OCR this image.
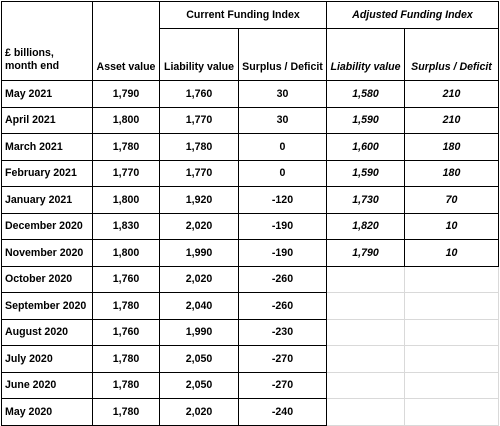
£ billions,
month end	Asset value	Current Funding Index		Adjusted Funding Index	
		Liability value	Surplus / Deficit	Liability value	Surplus / Deficit
May 2021	1,790	1,760	30	1,580	210
April 2021	1,800	1,770	30	1,590	210
March 2021	1,780	1,780	0	1,600	180
February 2021	1,770	1,770	0	1,590	180
January 2021	1,800	1,920	-120	1,730	70
December 2020	1,830	2,020	-190	1,820	10
November 2020	1,800	1,990	-190	1,790	10
October 2020	1,760	2,020	-260		
September 2020	1,780	2,040	-260		
August 2020	1,760	1,990	-230		
July 2020	1,780	2,050	-270		
June 2020	1,780	2,050	-270		
May 2020	1,780	2,020	-240		
